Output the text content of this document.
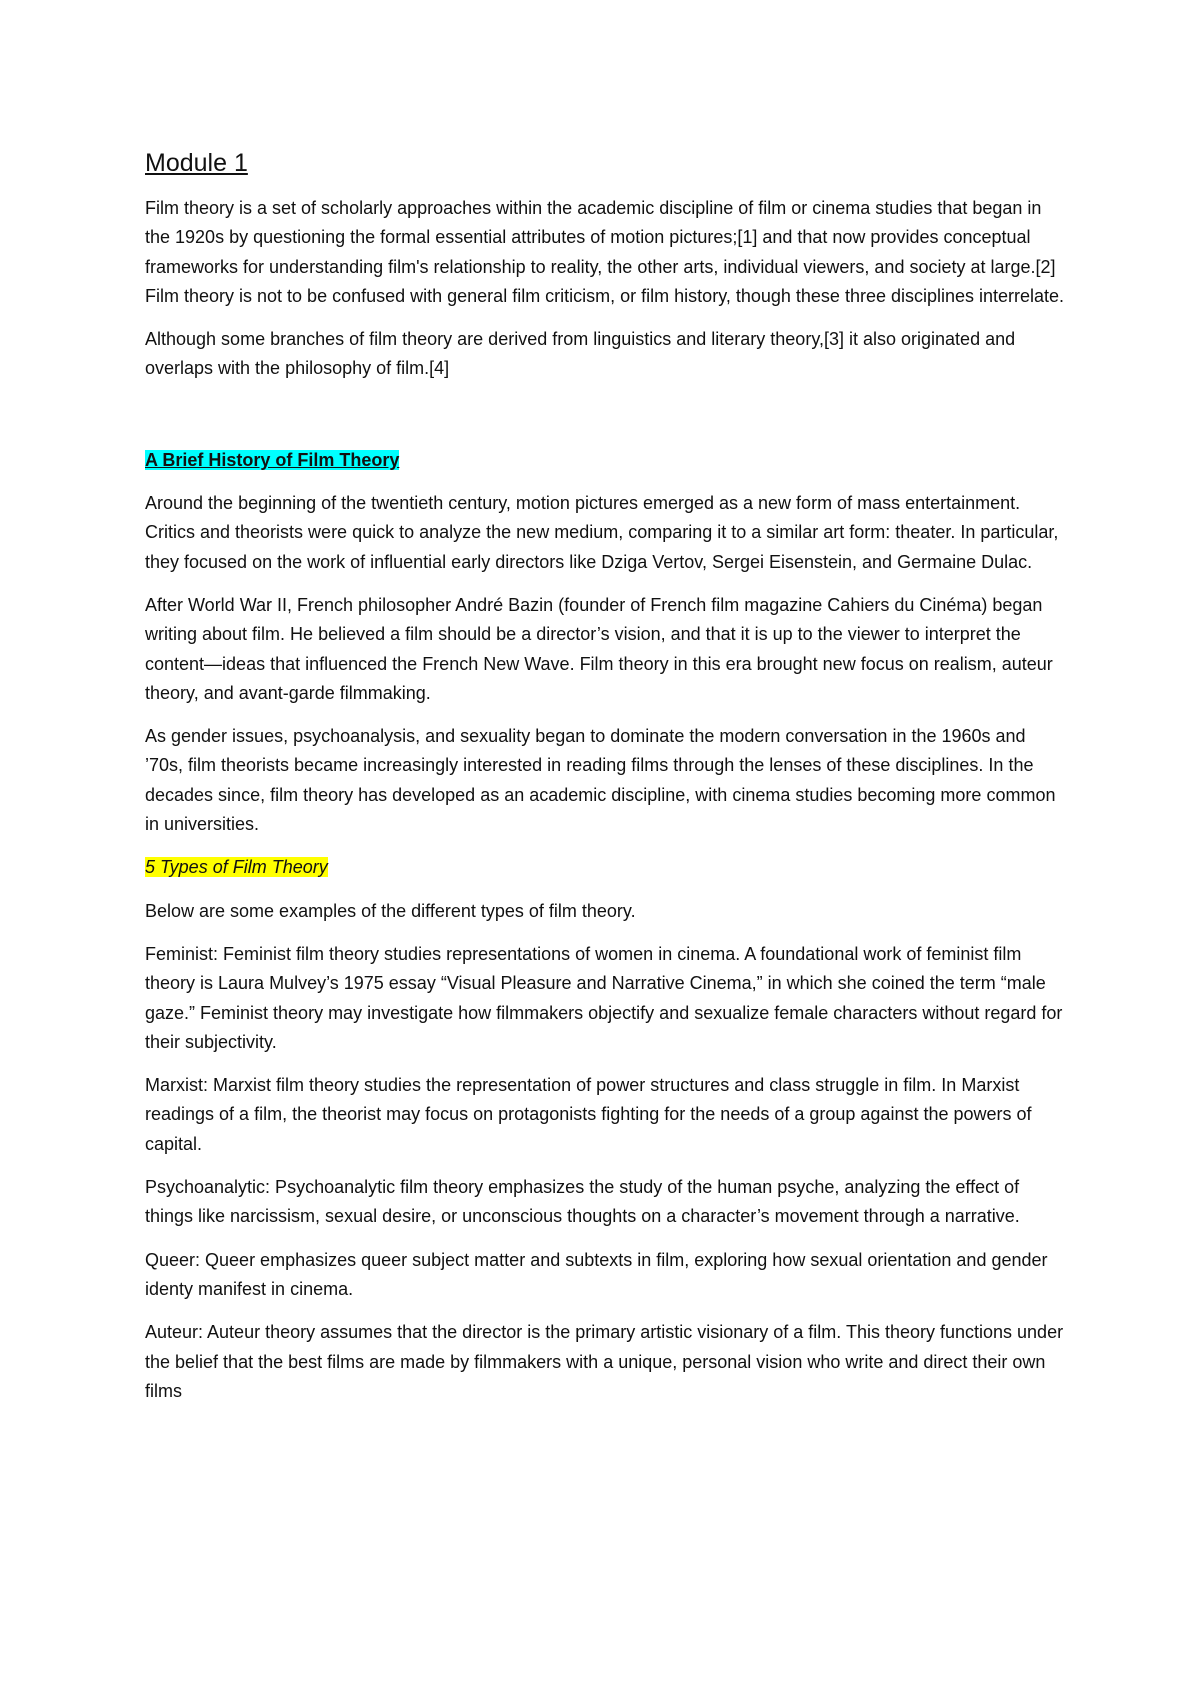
Module 1

Film theory is a set of scholarly approaches within the academic discipline of film or cinema studies that began in the 1920s by questioning the formal essential attributes of motion pictures;[1] and that now provides conceptual frameworks for understanding film's relationship to reality, the other arts, individual viewers, and society at large.[2] Film theory is not to be confused with general film criticism, or film history, though these three disciplines interrelate.

Although some branches of film theory are derived from linguistics and literary theory,[3] it also originated and overlaps with the philosophy of film.[4]

A Brief History of Film Theory

Around the beginning of the twentieth century, motion pictures emerged as a new form of mass entertainment. Critics and theorists were quick to analyze the new medium, comparing it to a similar art form: theater. In particular, they focused on the work of influential early directors like Dziga Vertov, Sergei Eisenstein, and Germaine Dulac.

After World War II, French philosopher André Bazin (founder of French film magazine Cahiers du Cinéma) began writing about film. He believed a film should be a director’s vision, and that it is up to the viewer to interpret the content—ideas that influenced the French New Wave. Film theory in this era brought new focus on realism, auteur theory, and avant-garde filmmaking.

As gender issues, psychoanalysis, and sexuality began to dominate the modern conversation in the 1960s and ’70s, film theorists became increasingly interested in reading films through the lenses of these disciplines. In the decades since, film theory has developed as an academic discipline, with cinema studies becoming more common in universities.

5 Types of Film Theory

Below are some examples of the different types of film theory.

Feminist: Feminist film theory studies representations of women in cinema. A foundational work of feminist film theory is Laura Mulvey’s 1975 essay “Visual Pleasure and Narrative Cinema,” in which she coined the term “male gaze.” Feminist theory may investigate how filmmakers objectify and sexualize female characters without regard for their subjectivity.

Marxist: Marxist film theory studies the representation of power structures and class struggle in film. In Marxist readings of a film, the theorist may focus on protagonists fighting for the needs of a group against the powers of capital.

Psychoanalytic: Psychoanalytic film theory emphasizes the study of the human psyche, analyzing the effect of things like narcissism, sexual desire, or unconscious thoughts on a character’s movement through a narrative.

Queer: Queer emphasizes queer subject matter and subtexts in film, exploring how sexual orientation and gender identy manifest in cinema.

Auteur: Auteur theory assumes that the director is the primary artistic visionary of a film. This theory functions under the belief that the best films are made by filmmakers with a unique, personal vision who write and direct their own films
